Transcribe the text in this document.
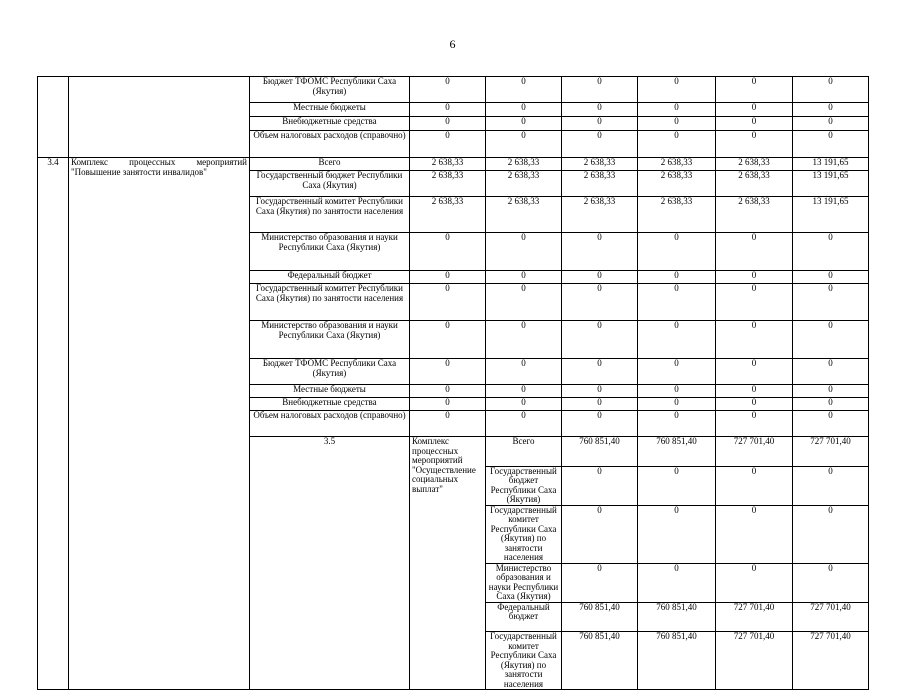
6
		Бюджет ТФОМС Республики Саха (Якутия)	0	0	0	0	0	0	
		Местные бюджеты	0	0	0	0	0	0	
		Внебюджетные средства	0	0	0	0	0	0	
		Объем налоговых расходов (справочно)	0	0	0	0	0	0	
3.4	Комплекс процессных мероприятий "Повышение занятости инвалидов"	Всего	2 638,33	2 638,33	2 638,33	2 638,33	2 638,33	13 191,65	
		Государственный бюджет Республики Саха (Якутия)	2 638,33	2 638,33	2 638,33	2 638,33	2 638,33	13 191,65	
		Государственный комитет Республики Саха (Якутия) по занятости населения	2 638,33	2 638,33	2 638,33	2 638,33	2 638,33	13 191,65	
		Министерство образования и науки Республики Саха (Якутия)	0	0	0	0	0	0	
		Федеральный бюджет	0	0	0	0	0	0	
		Государственный комитет Республики Саха (Якутия) по занятости населения	0	0	0	0	0	0	
		Министерство образования и науки Республики Саха (Якутия)	0	0	0	0	0	0	
		Бюджет ТФОМС Республики Саха (Якутия)	0	0	0	0	0	0	
		Местные бюджеты	0	0	0	0	0	0	
		Внебюджетные средства	0	0	0	0	0	0	
		Объем налоговых расходов (справочно)	0	0	0	0	0	0	
		3.5	Комплекс процессных мероприятий "Осуществление социальных выплат"	Всего	760 851,40	760 851,40	727 701,40	727 701,40		
				Государственный бюджет Республики Саха (Якутия)	0	0	0	0		
				Государственный комитет Республики Саха (Якутия) по занятости населения	0	0	0	0		
				Министерство образования и науки Республики Саха (Якутия)	0	0	0	0		
				Федеральный бюджет	760 851,40	760 851,40	727 701,40	727 701,40		
				Государственный комитет Республики Саха (Якутия) по занятости населения	760 851,40	760 851,40	727 701,40	727 701,40		
